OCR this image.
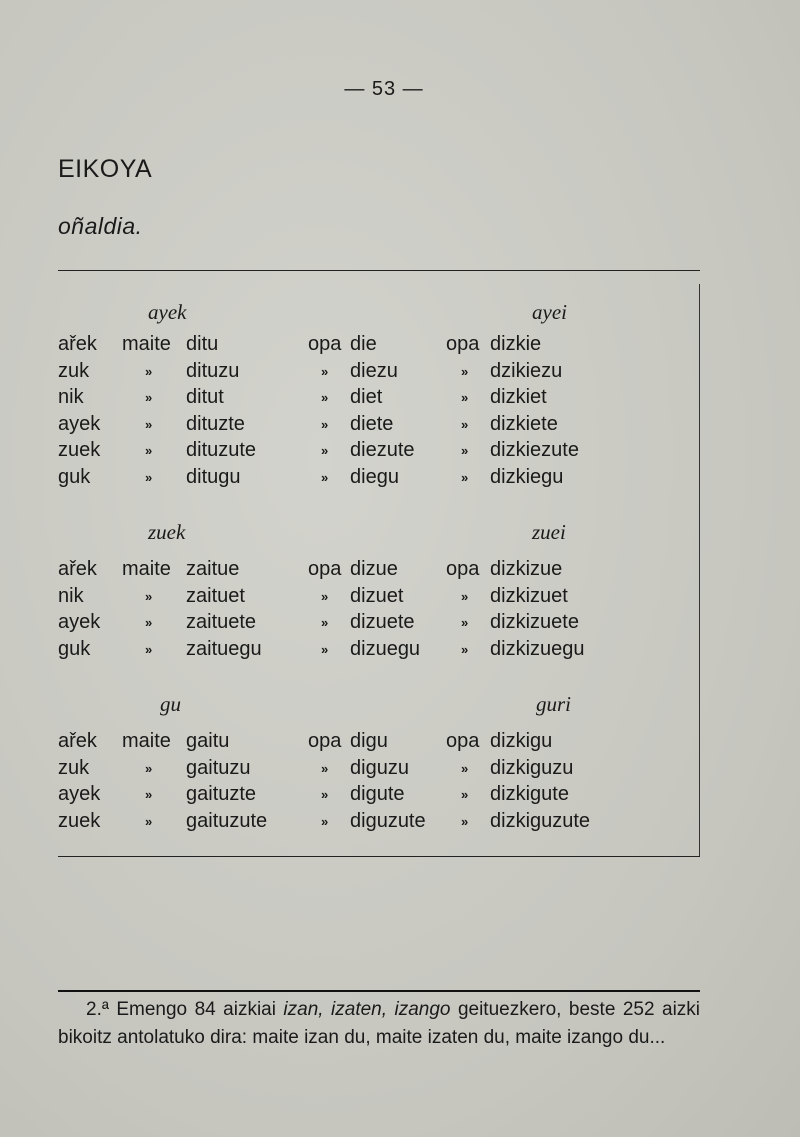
— 53 —
EIKOYA
oñaldia.
ayek	ayei
ařek maite ditu	opa die	opa dizkie
zuk	» dituzu	» diezu	» dzikiezu
nik	» ditut	» diet	» dizkiet
ayek	» dituzte	» diete	» dizkiete
zuek	» dituzute	» diezute	» dizkiezute
guk	» ditugu	» diegu	» dizkiegu
zuek	zuei
ařek maite zaitue	opa dizue opa dizkizue
nik	» zaituet	» dizuet	» dizkizuet
ayek	» zaituete	» dizuete	» dizkizuete
guk	» zaituegu	» dizuegu	» dizkizuegu
gu	guri
ařek maite gaitu	opa digu	opa dizkigu
zuk	» gaituzu	» diguzu	» dizkiguzu
ayek	» gaituzte	» digute	» dizkigute
zuek	» gaituzute	» diguzute	» dizkiguzute
2.ª Emengo 84 aizkiai izan, izaten, izango geituezkero, beste 252 aizki bikoitz antolatuko dira: maite izan du, maite izaten du, maite izango du...
